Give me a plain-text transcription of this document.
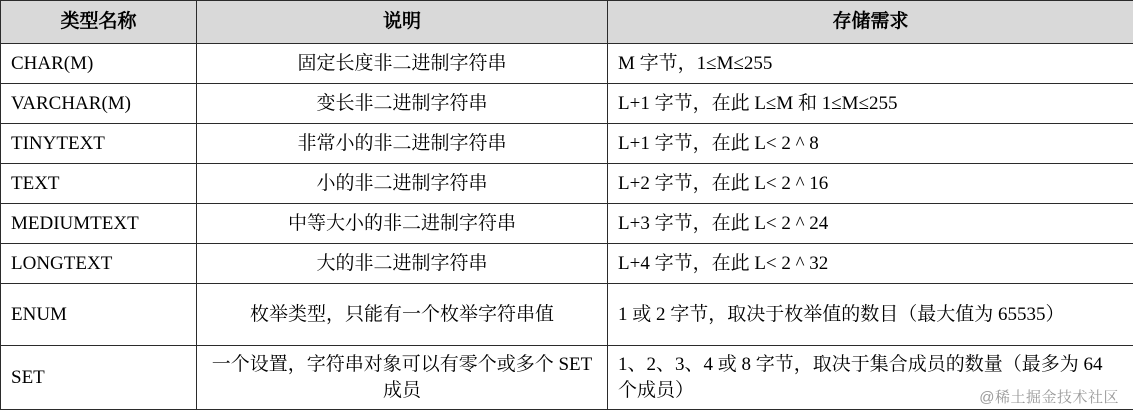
类型名称	说明	存储需求
CHAR(M)	固定长度非二进制字符串	M 字节，1≤M≤255
VARCHAR(M)	变长非二进制字符串	L+1 字节，在此 L≤M 和 1≤M≤255
TINYTEXT	非常小的非二进制字符串	L+1 字节，在此 L< 2 ^ 8
TEXT	小的非二进制字符串	L+2 字节，在此 L< 2 ^ 16
MEDIUMTEXT	中等大小的非二进制字符串	L+3 字节，在此 L< 2 ^ 24
LONGTEXT	大的非二进制字符串	L+4 字节，在此 L< 2 ^ 32
ENUM	枚举类型，只能有一个枚举字符串值	1 或 2 字节，取决于枚举值的数目（最大值为 65535）
SET	一个设置，字符串对象可以有零个或多个 SET 成员	1、2、3、4 或 8 字节，取决于集合成员的数量（最多为 64 个成员）	@稀土掘金技术社区
